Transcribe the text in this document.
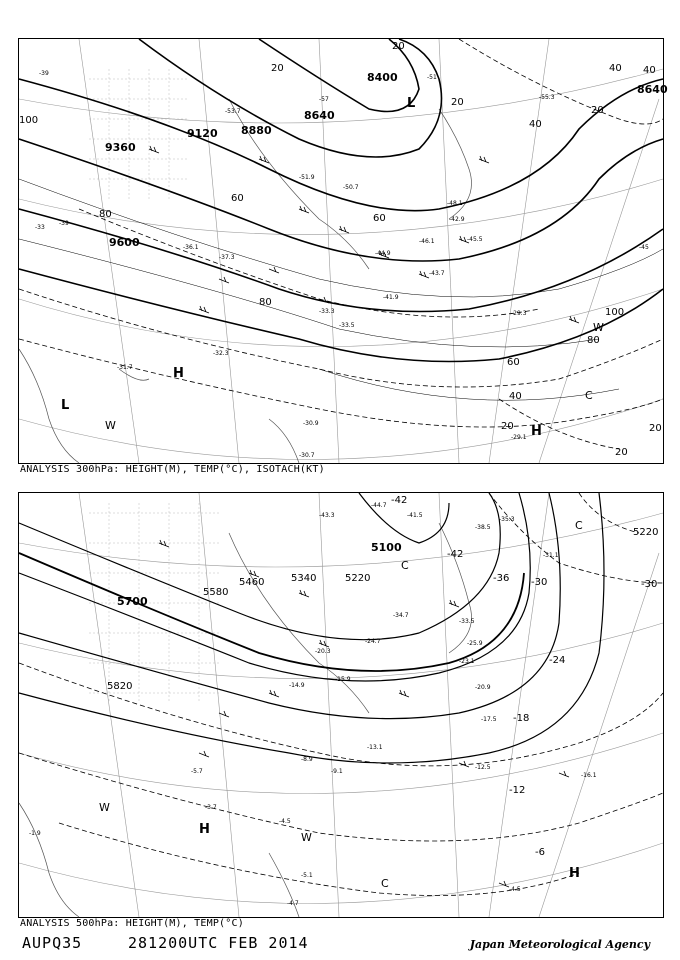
8400
8640
8880
9120
9360
9600
8640
20
20
20
40
60
80
100
100
80
60
40
20
20
20
40
60
80
20
40
-51
-55.3
-57
-53.7
-51.9
-50.7
-48.1
-46.1	-45.5
-44.9
-43.7
-41.9
-39
-37.3
-36.1
-33.3
-33.5
-32.3
-31.7
-30.9
-30.7
-29.1
-29.3
-33
-39
-45
-42.9
L
L
H
H
W
W
C
ANALYSIS 300hPa: HEIGHT(M), TEMP(°C), ISOTACH(KT)
5100
5220
5340
5460
5580
5700
5820
5220
-42
-42
-36 -30	-30
-24
-18
-12
-6
-43.3
-44.7
-41.5
-38.5
-35.3
-31.1
-33.5
-34.7
-25.9
-24.7
-23.1
-20.9
-20.3
-17.5
-15.9
-14.9
-13.1
-12.5
-16.1
-9.1
-8.9
-5.7
-4.5
-4.5
-3.7
-5.1
-4.7
-1.9
C
C
H
H
W
W
C
ANALYSIS 500hPa: HEIGHT(M), TEMP(°C)
AUPQ35	281200UTC FEB 2014	Japan Meteorological Agency
